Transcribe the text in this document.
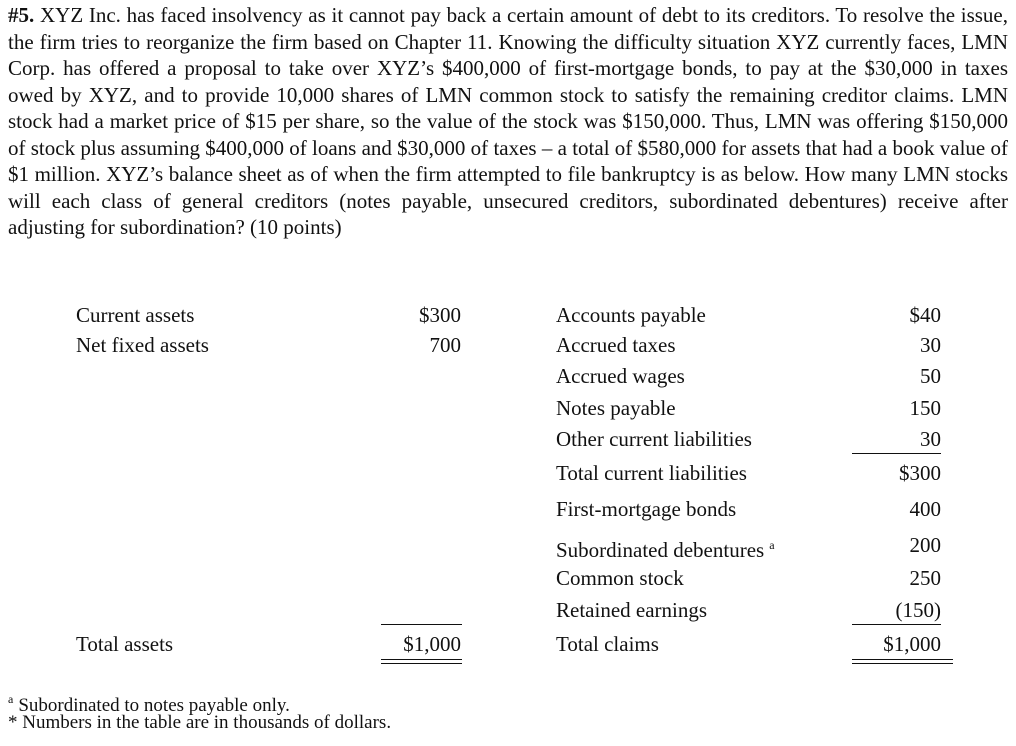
#5. XYZ Inc. has faced insolvency as it cannot pay back a certain amount of debt to its creditors. To resolve the issue, the firm tries to reorganize the firm based on Chapter 11. Knowing the difficulty situation XYZ currently faces, LMN Corp. has offered a proposal to take over XYZ’s $400,000 of first-mortgage bonds, to pay at the $30,000 in taxes owed by XYZ, and to provide 10,000 shares of LMN common stock to satisfy the remaining creditor claims. LMN stock had a market price of $15 per share, so the value of the stock was $150,000. Thus, LMN was offering $150,000 of stock plus assuming $400,000 of loans and $30,000 of taxes – a total of $580,000 for assets that had a book value of $1 million. XYZ’s balance sheet as of when the firm attempted to file bankruptcy is as below. How many LMN stocks will each class of general creditors (notes payable, unsecured creditors, subordinated debentures) receive after adjusting for subordination? (10 points)

Current assets	$300
Net fixed assets	700
Total assets	$1,000
Accounts payable	$40
Accrued taxes	30
Accrued wages	50
Notes payable	150
Other current liabilities	30
Total current liabilities	$300
First-mortgage bonds	400
Subordinated debentures $^a$	200
Common stock	250
Retained earnings	(150)
Total claims	$1,000
$^a$ Subordinated to notes payable only.
* Numbers in the table are in thousands of dollars.
